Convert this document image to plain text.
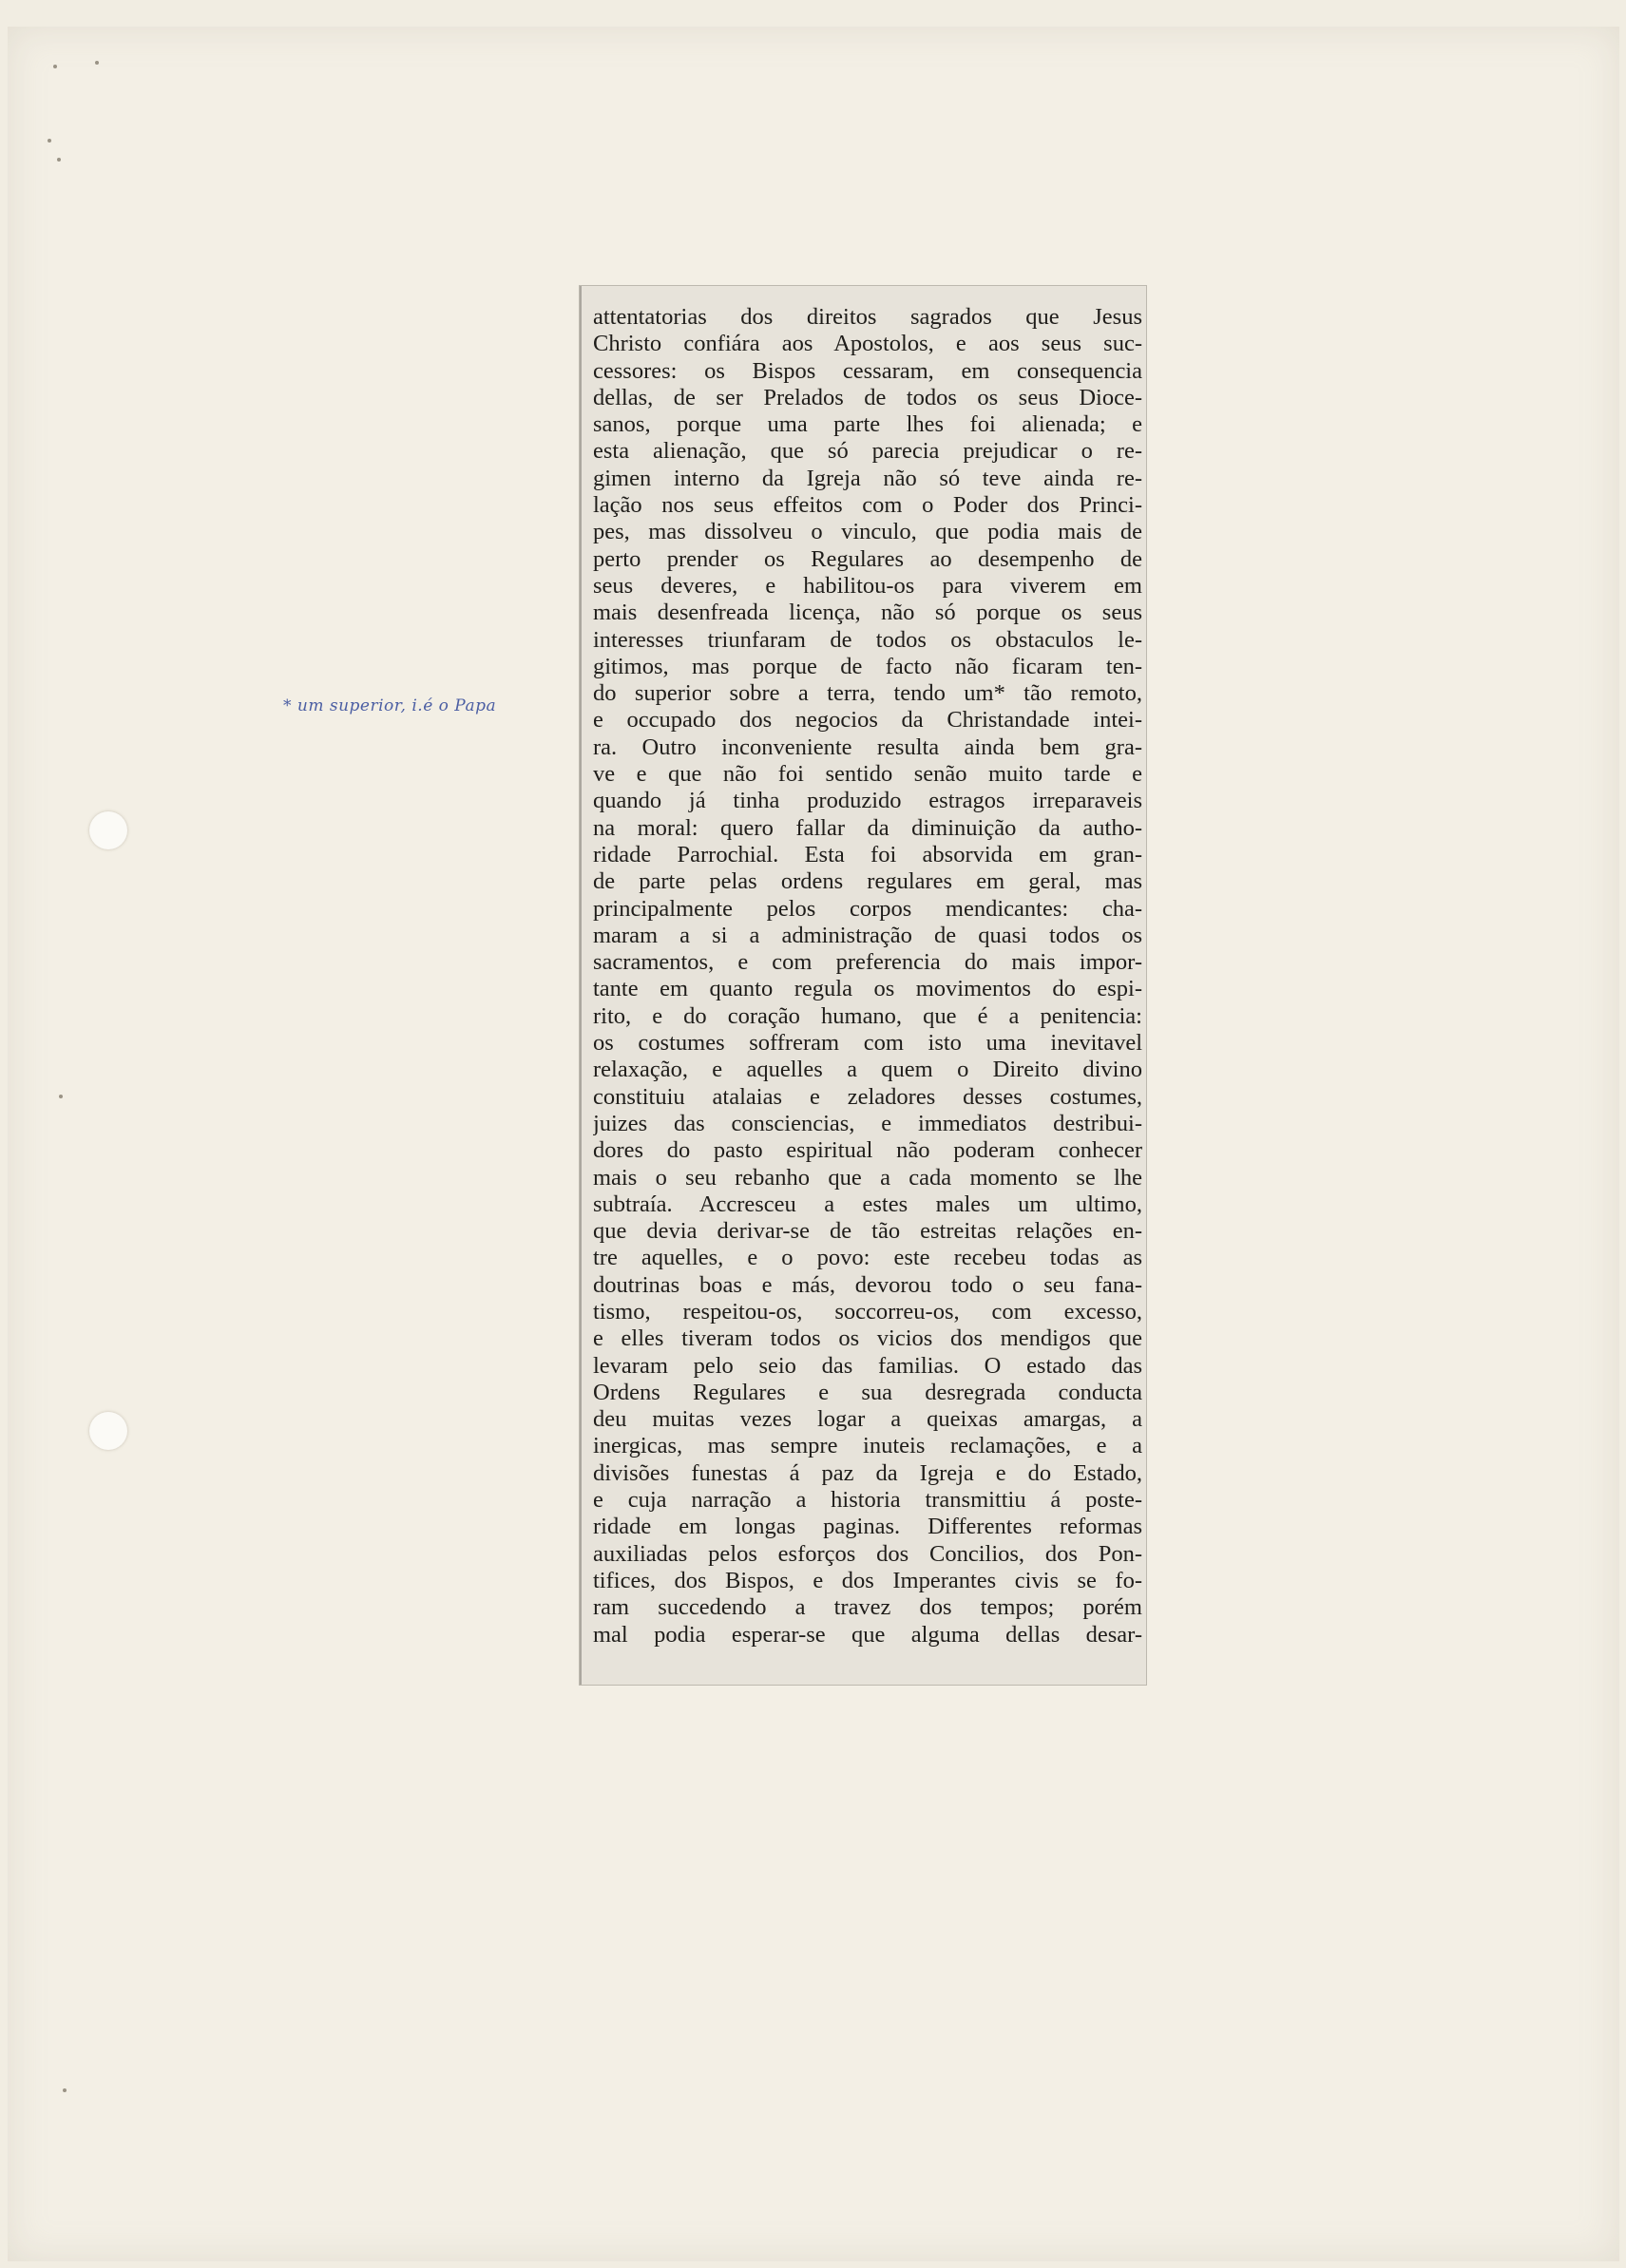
* um superior, i.é o Papa
attentatorias dos direitos sagrados que Jesus
Christo confiára aos Apostolos, e aos seus suc-
cessores: os Bispos cessaram, em consequencia
dellas, de ser Prelados de todos os seus Dioce-
sanos, porque uma parte lhes foi alienada; e
esta alienação, que só parecia prejudicar o re-
gimen interno da Igreja não só teve ainda re-
lação nos seus effeitos com o Poder dos Princi-
pes, mas dissolveu o vinculo, que podia mais de
perto prender os Regulares ao desempenho de
seus deveres, e habilitou-os para viverem em
mais desenfreada licença, não só porque os seus
interesses triunfaram de todos os obstaculos le-
gitimos, mas porque de facto não ficaram ten-
do superior sobre a terra, tendo um* tão remoto,
e occupado dos negocios da Christandade intei-
ra. Outro inconveniente resulta ainda bem gra-
ve e que não foi sentido senão muito tarde e
quando já tinha produzido estragos irreparaveis
na moral: quero fallar da diminuição da autho-
ridade Parrochial. Esta foi absorvida em gran-
de parte pelas ordens regulares em geral, mas
principalmente pelos corpos mendicantes: cha-
maram a si a administração de quasi todos os
sacramentos, e com preferencia do mais impor-
tante em quanto regula os movimentos do espi-
rito, e do coração humano, que é a penitencia:
os costumes soffreram com isto uma inevitavel
relaxação, e aquelles a quem o Direito divino
constituiu atalaias e zeladores desses costumes,
juizes das consciencias, e immediatos destribui-
dores do pasto espiritual não poderam conhecer
mais o seu rebanho que a cada momento se lhe
subtraía. Accresceu a estes males um ultimo,
que devia derivar-se de tão estreitas relações en-
tre aquelles, e o povo: este recebeu todas as
doutrinas boas e más, devorou todo o seu fana-
tismo, respeitou-os, soccorreu-os, com excesso,
e elles tiveram todos os vicios dos mendigos que
levaram pelo seio das familias. O estado das
Ordens Regulares e sua desregrada conducta
deu muitas vezes logar a queixas amargas, a
inergicas, mas sempre inuteis reclamações, e a
divisões funestas á paz da Igreja e do Estado,
e cuja narração a historia transmittiu á poste-
ridade em longas paginas. Differentes reformas
auxiliadas pelos esforços dos Concilios, dos Pon-
tifices, dos Bispos, e dos Imperantes civis se fo-
ram succedendo a travez dos tempos; porém
mal podia esperar-se que alguma dellas desar-
